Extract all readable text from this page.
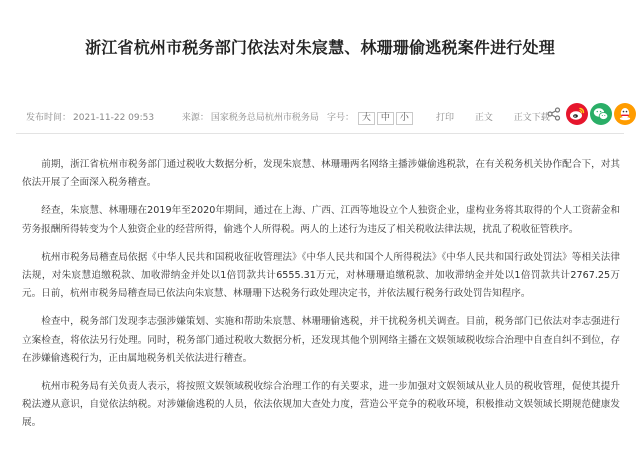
浙江省杭州市税务部门依法对朱宸慧、林珊珊偷逃税案件进行处理
发布时间： 2021-11-22 09:53	来源： 国家税务总局杭州市税务局 字号： 大 中 小	打印 正文 正文下载

前期，浙江省杭州市税务部门通过税收大数据分析，发现朱宸慧、林珊珊两名网络主播涉嫌偷逃税款，在有关税务机关协作配合下，对其依法开展了全面深入税务稽查。

经查，朱宸慧、林珊珊在2019年至2020年期间，通过在上海、广西、江西等地设立个人独资企业，虚构业务将其取得的个人工资薪金和劳务报酬所得转变为个人独资企业的经营所得，偷逃个人所得税。两人的上述行为违反了相关税收法律法规，扰乱了税收征管秩序。

杭州市税务局稽查局依据《中华人民共和国税收征收管理法》《中华人民共和国个人所得税法》《中华人民共和国行政处罚法》等相关法律法规，对朱宸慧追缴税款、加收滞纳金并处以1倍罚款共计6555.31万元，对林珊珊追缴税款、加收滞纳金并处以1倍罚款共计2767.25万元。日前，杭州市税务局稽查局已依法向朱宸慧、林珊珊下达税务行政处理决定书，并依法履行税务行政处罚告知程序。

检查中，税务部门发现李志强涉嫌策划、实施和帮助朱宸慧、林珊珊偷逃税，并干扰税务机关调查。目前，税务部门已依法对李志强进行立案检查，将依法另行处理。同时，税务部门通过税收大数据分析，还发现其他个别网络主播在文娱领域税收综合治理中自查自纠不到位，存在涉嫌偷逃税行为，正由属地税务机关依法进行稽查。

杭州市税务局有关负责人表示，将按照文娱领域税收综合治理工作的有关要求，进一步加强对文娱领域从业人员的税收管理，促使其提升税法遵从意识，自觉依法纳税。对涉嫌偷逃税的人员，依法依规加大查处力度，营造公平竞争的税收环境，积极推动文娱领域长期规范健康发展。
